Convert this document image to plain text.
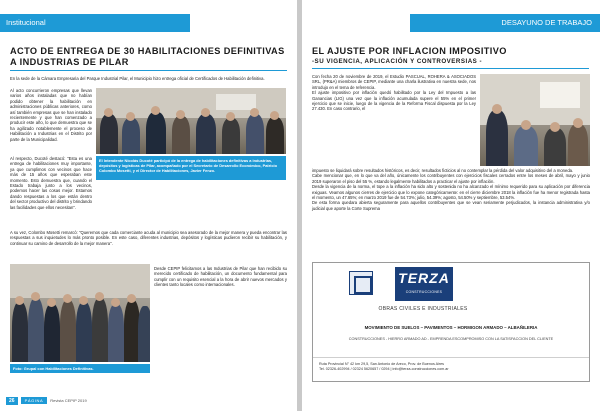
Institucional
ACTO DE ENTREGA DE 30 HABILITACIONES DEFINITIVAS A INDUSTRIAS DE PILAR
En la sede de la Cámara Empresaria del Parque Industrial Pilar, el Municipio hizo entrega oficial de Certificados de Habilitación definitiva.

Al acto concurrieron empresas que llevan varios años instaladas que no habían podido obtener la habilitación en administraciones públicas anteriores, como así también empresas que se han instalado recientemente y que han comenzado a producir este año, lo que demuestra que se ha agilizado notablemente el proceso de Habilitación a Industrias en el Distrito por parte de la Municipalidad.

El Intendente Nicolás Ducoté participó de la entrega de habilitaciones definitivas a industrias, depósitos y logísticas de Pilar, acompañado por el Secretario de Desarrollo Económico, Patricio Colombo Mosetti, y el Director de Habilitaciones, Javier Fenzo.

Al respecto, Ducoté destacó: "Esta es una entrega de habilitaciones muy importante, ya que cumplimos con vecinos que hace más de 15 años que esperaban este momento. Esto demuestra que, cuando el Estado trabaja junto a los vecinos, podemos hacer las cosas mejor. Estamos dando respuestas a los que están dentro del sector productivo del distrito y brindando las facilidades que ellos necesitan".

A su vez, Colombo Mosetti remarcó: "Queremos que cada comerciante acuda al municipio sea asesorado de la mejor manera y pueda encontrar las respuestas a sus inquietudes lo más pronto posible. En este caso, diferentes industrias, depósitos y logísticas pudieron recibir su habilitación, y continuar su camino de desarrollo de la mejor manera".
Foto: Grupal con Habilitaciones Definitivas.

Desde CEPIP felicitamos a las Industrias de Pilar que han recibido su merecido certificado de habilitación, un documento fundamental para cumplir con un requisito esencial a la hora de abrir nuevos mercados y clientes tanto locales como internacionales.

26	PÁGINA	Revista CEPIP 2019
DESAYUNO DE TRABAJO
EL AJUSTE POR INFLACION IMPOSITIVO
-SU VIGENCIA, APLICACIÓN Y CONTROVERSIAS -

Con fecha 20 de noviembre de 2019, el Estudio PASCUAL, ROHERA & ASOCIADOS SRL, (PR&A) miembros de CEPIP, mediante una charla ilustrativa en nuestra sede, nos introdujo en el tema de referencia.

El ajuste impositivo por inflación quedó habilitado por la Ley del Impuesto a las Ganancias (LIG) una vez que la inflación acumulada supere el 55% en el primer ejercicio que se inicie, luego de la vigencia de la Reforma Fiscal dispuesta por la Ley 27.430. En caso contrario, el

impuesto se liquidará sobre resultados históricos, es decir, resultados ficticios al no contemplar la pérdida del valor adquisitivo del a moneda.

Cabe mencionar que, en lo que va del año, únicamente los contribuyentes con ejercicios fiscales cerrados entre los meses de abril, mayo y junio 2019 superaron el piso del 55 %, estando legalmente habilitados a practicar el ajuste por inflación.

Desde la vigencia de la norma, el tope a la inflación ha sido alto y sostenida no ha alcanzado el mínimo requerido para su aplicación por diferencia exiguas. Veamos algunos cierres de ejercicio que lo expone categóricamente: en el cierre diciembre 2018 la inflación fue ha menor registrada hasta el momento, un 47.65%; en marzo 2019 fue de 54.73%; julio, 54.39%; agosto, 54.50% y septiembre, 53.54%.

De esta forma quedara abierta seguramente para aquellos contribuyentes que se vean seriamente perjudicados, la instancia administrativa y/o judicial que aporte la Corte Suprema

TERZA
CONSTRUCCIONES
OBRAS CIVILES E INDUSTRIALES
MOVIMIENTO DE SUELOS – PAVIMENTOS – HORMIGON ARMADO – ALBAÑILERIA
CONSTRUCCIONES - HIERRO ARMADO AD - EMPRENDA ESCOMPROMISO CON LA SATISFACCION DEL CLIENTE
Ruta Provincial N° 42 km 29,5, San Antonio de Areco, Prov. de Buenos Aires
Tel. 02326-402994 / 02324 5620657 / 0294 | info@terza-construcciones.com.ar
